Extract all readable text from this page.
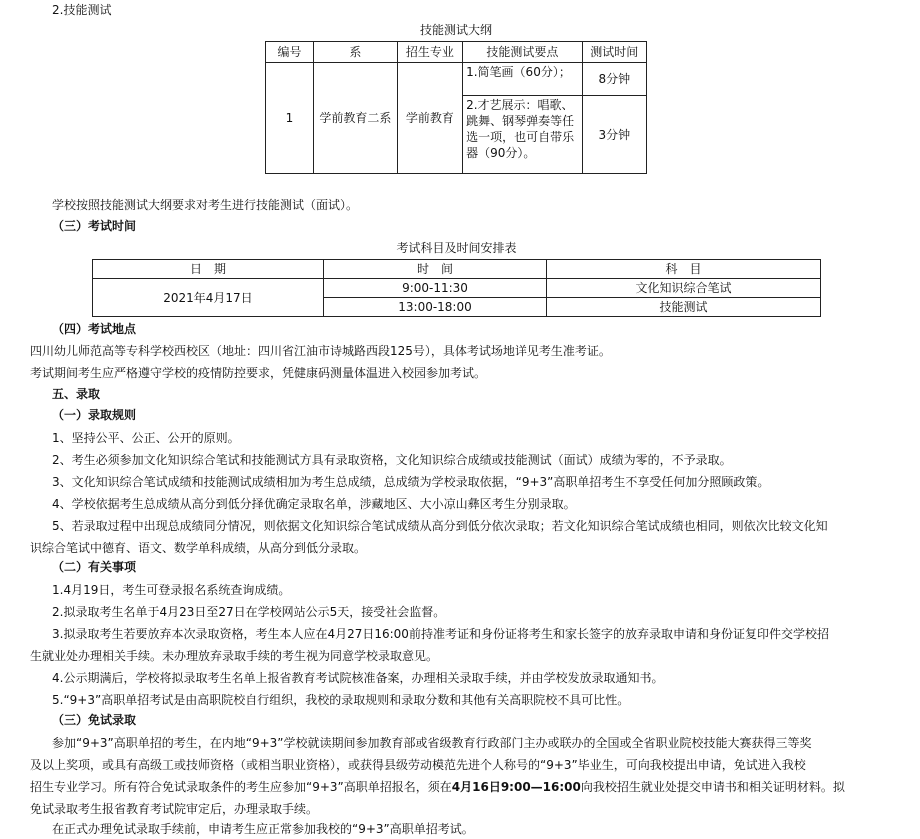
2.技能测试
技能测试大纲
编号	系	招生专业	技能测试要点	测试时间
1	学前教育二系	学前教育	1.简笔画（60分）；	8分钟
			2.才艺展示：唱歌、跳舞、钢琴弹奏等任选一项，也可自带乐器（90分）。	3分钟
学校按照技能测试大纲要求对考生进行技能测试（面试）。
（三）考试时间
考试科目及时间安排表
日　期	时　间	科　目
2021年4月17日	9:00-11:30	文化知识综合笔试
	13:00-18:00	技能测试
（四）考试地点
四川幼儿师范高等专科学校西校区（地址：四川省江油市诗城路西段125号），具体考试场地详见考生准考证。
考试期间考生应严格遵守学校的疫情防控要求，凭健康码测量体温进入校园参加考试。
五、录取
（一）录取规则
1、坚持公平、公正、公开的原则。
2、考生必须参加文化知识综合笔试和技能测试方具有录取资格，文化知识综合成绩或技能测试（面试）成绩为零的，不予录取。
3、文化知识综合笔试成绩和技能测试成绩相加为考生总成绩，总成绩为学校录取依据，“9+3”高职单招考生不享受任何加分照顾政策。
4、学校依据考生总成绩从高分到低分择优确定录取名单，涉藏地区、大小凉山彝区考生分别录取。
5、若录取过程中出现总成绩同分情况，则依据文化知识综合笔试成绩从高分到低分依次录取；若文化知识综合笔试成绩也相同，则依次比较文化知
识综合笔试中德育、语文、数学单科成绩，从高分到低分录取。
（二）有关事项
1.4月19日，考生可登录报名系统查询成绩。
2.拟录取考生名单于4月23日至27日在学校网站公示5天，接受社会监督。
3.拟录取考生若要放弃本次录取资格，考生本人应在4月27日16:00前持准考证和身份证将考生和家长签字的放弃录取申请和身份证复印件交学校招
生就业处办理相关手续。未办理放弃录取手续的考生视为同意学校录取意见。
4.公示期满后，学校将拟录取考生名单上报省教育考试院核准备案，办理相关录取手续，并由学校发放录取通知书。
5.“9+3”高职单招考试是由高职院校自行组织，我校的录取规则和录取分数和其他有关高职院校不具可比性。
（三）免试录取
参加“9+3”高职单招的考生，在内地“9+3”学校就读期间参加教育部或省级教育行政部门主办或联办的全国或全省职业院校技能大赛获得三等奖
及以上奖项，或具有高级工或技师资格（或相当职业资格），或获得县级劳动模范先进个人称号的“9+3”毕业生，可向我校提出申请，免试进入我校
招生专业学习。所有符合免试录取条件的考生应参加“9+3”高职单招报名，须在4月16日9:00—16:00向我校招生就业处提交申请书和相关证明材料。拟
免试录取考生报省教育考试院审定后，办理录取手续。
在正式办理免试录取手续前，申请考生应正常参加我校的“9+3”高职单招考试。
